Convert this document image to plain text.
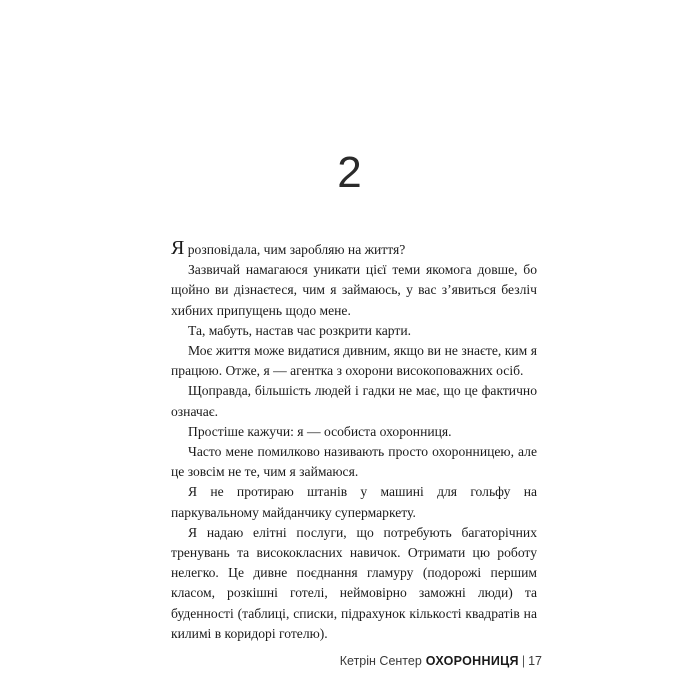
2

Я розповідала, чим заробляю на життя?

Зазвичай намагаюся уникати цієї теми якомога довше, бо щойно ви дізнаєтеся, чим я займаюсь, у вас з’явиться безліч хибних припущень щодо мене.

Та, мабуть, настав час розкрити карти.

Моє життя може видатися дивним, якщо ви не знаєте, ким я працюю. Отже, я — агентка з охорони високоповажних осіб.

Щоправда, більшість людей і гадки не має, що це фактично означає.

Простіше кажучи: я — особиста охоронниця.

Часто мене помилково називають просто охоронницею, але це зовсім не те, чим я займаюся.

Я не протираю штанів у машині для гольфу на паркувальному майданчику супермаркету.

Я надаю елітні послуги, що потребують багаторічних тренувань та висококласних навичок. Отримати цю роботу нелегко. Це дивне поєднання гламуру (подорожі першим класом, розкішні готелі, неймовірно заможні люди) та буденності (таблиці, списки, підрахунок кількості квадратів на килимі в коридорі готелю).

Кетрін Сентер ОХОРОННИЦЯ | 17
